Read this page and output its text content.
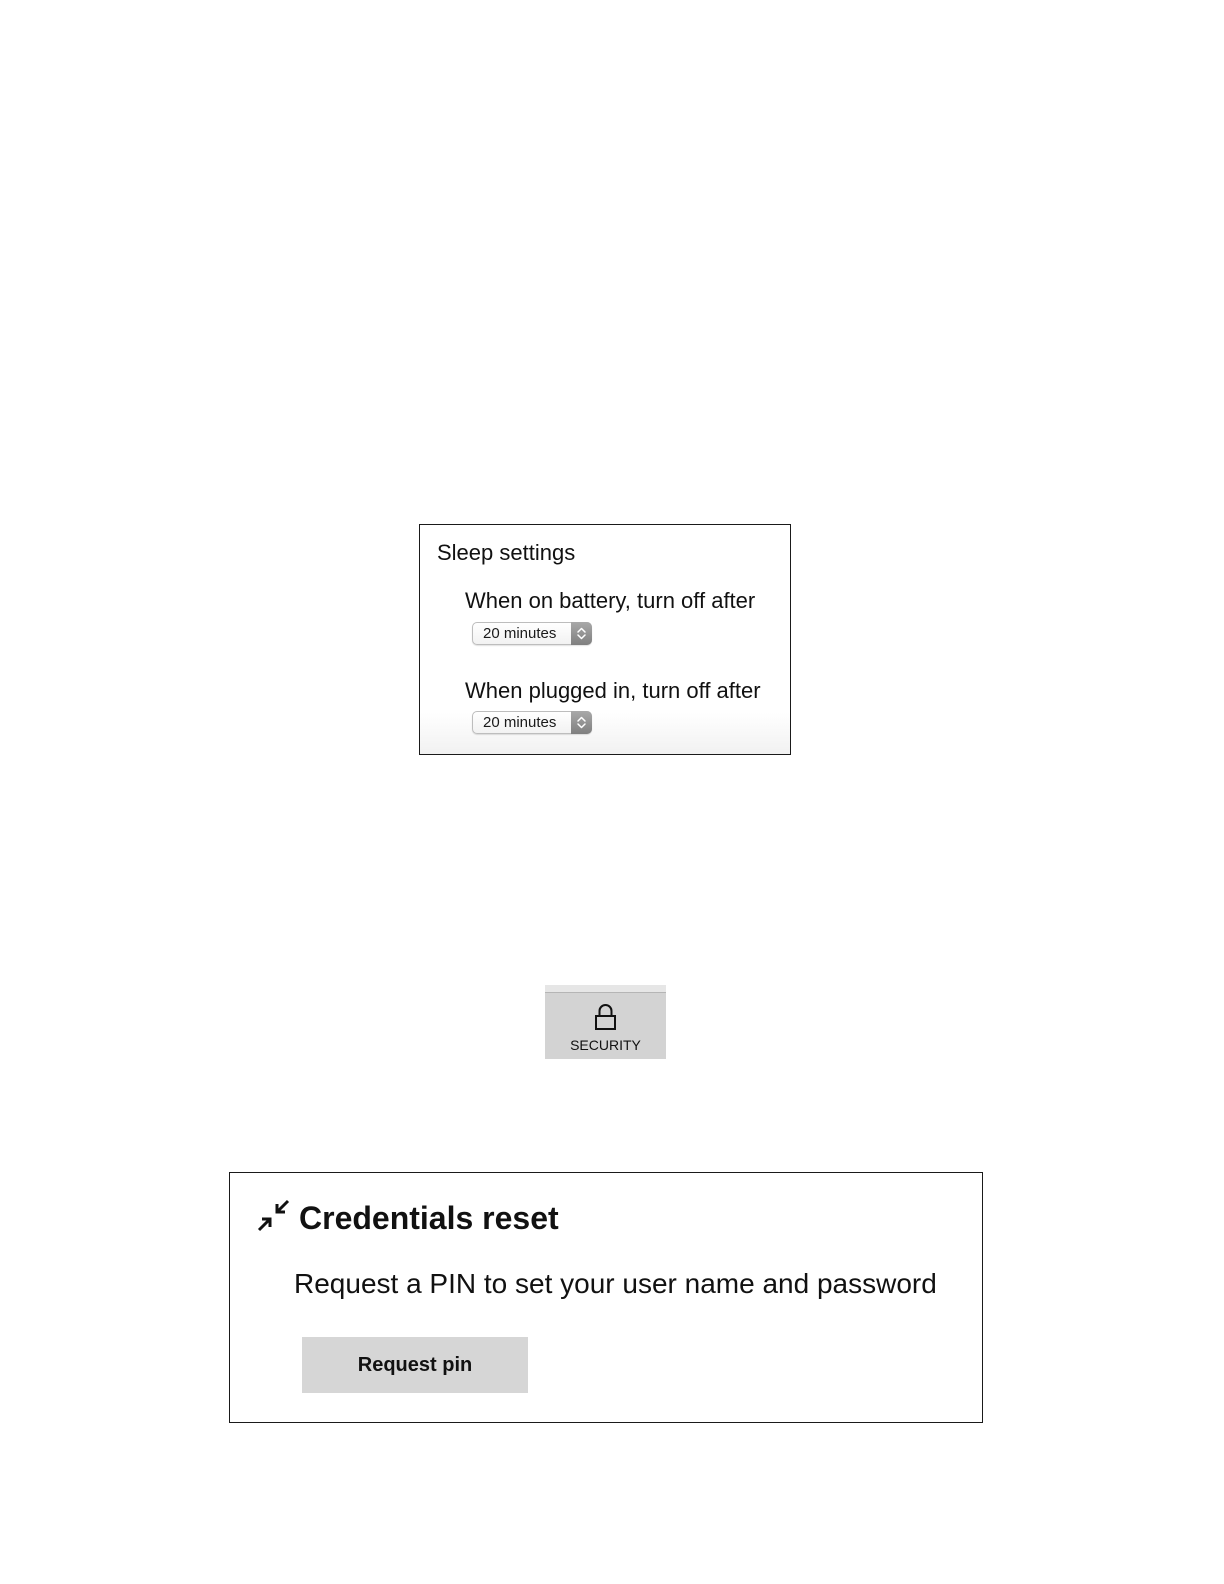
Sleep settings
When on battery, turn off after
20 minutes
When plugged in, turn off after
20 minutes
SECURITY
Credentials reset
Request a PIN to set your user name and password
Request pin
